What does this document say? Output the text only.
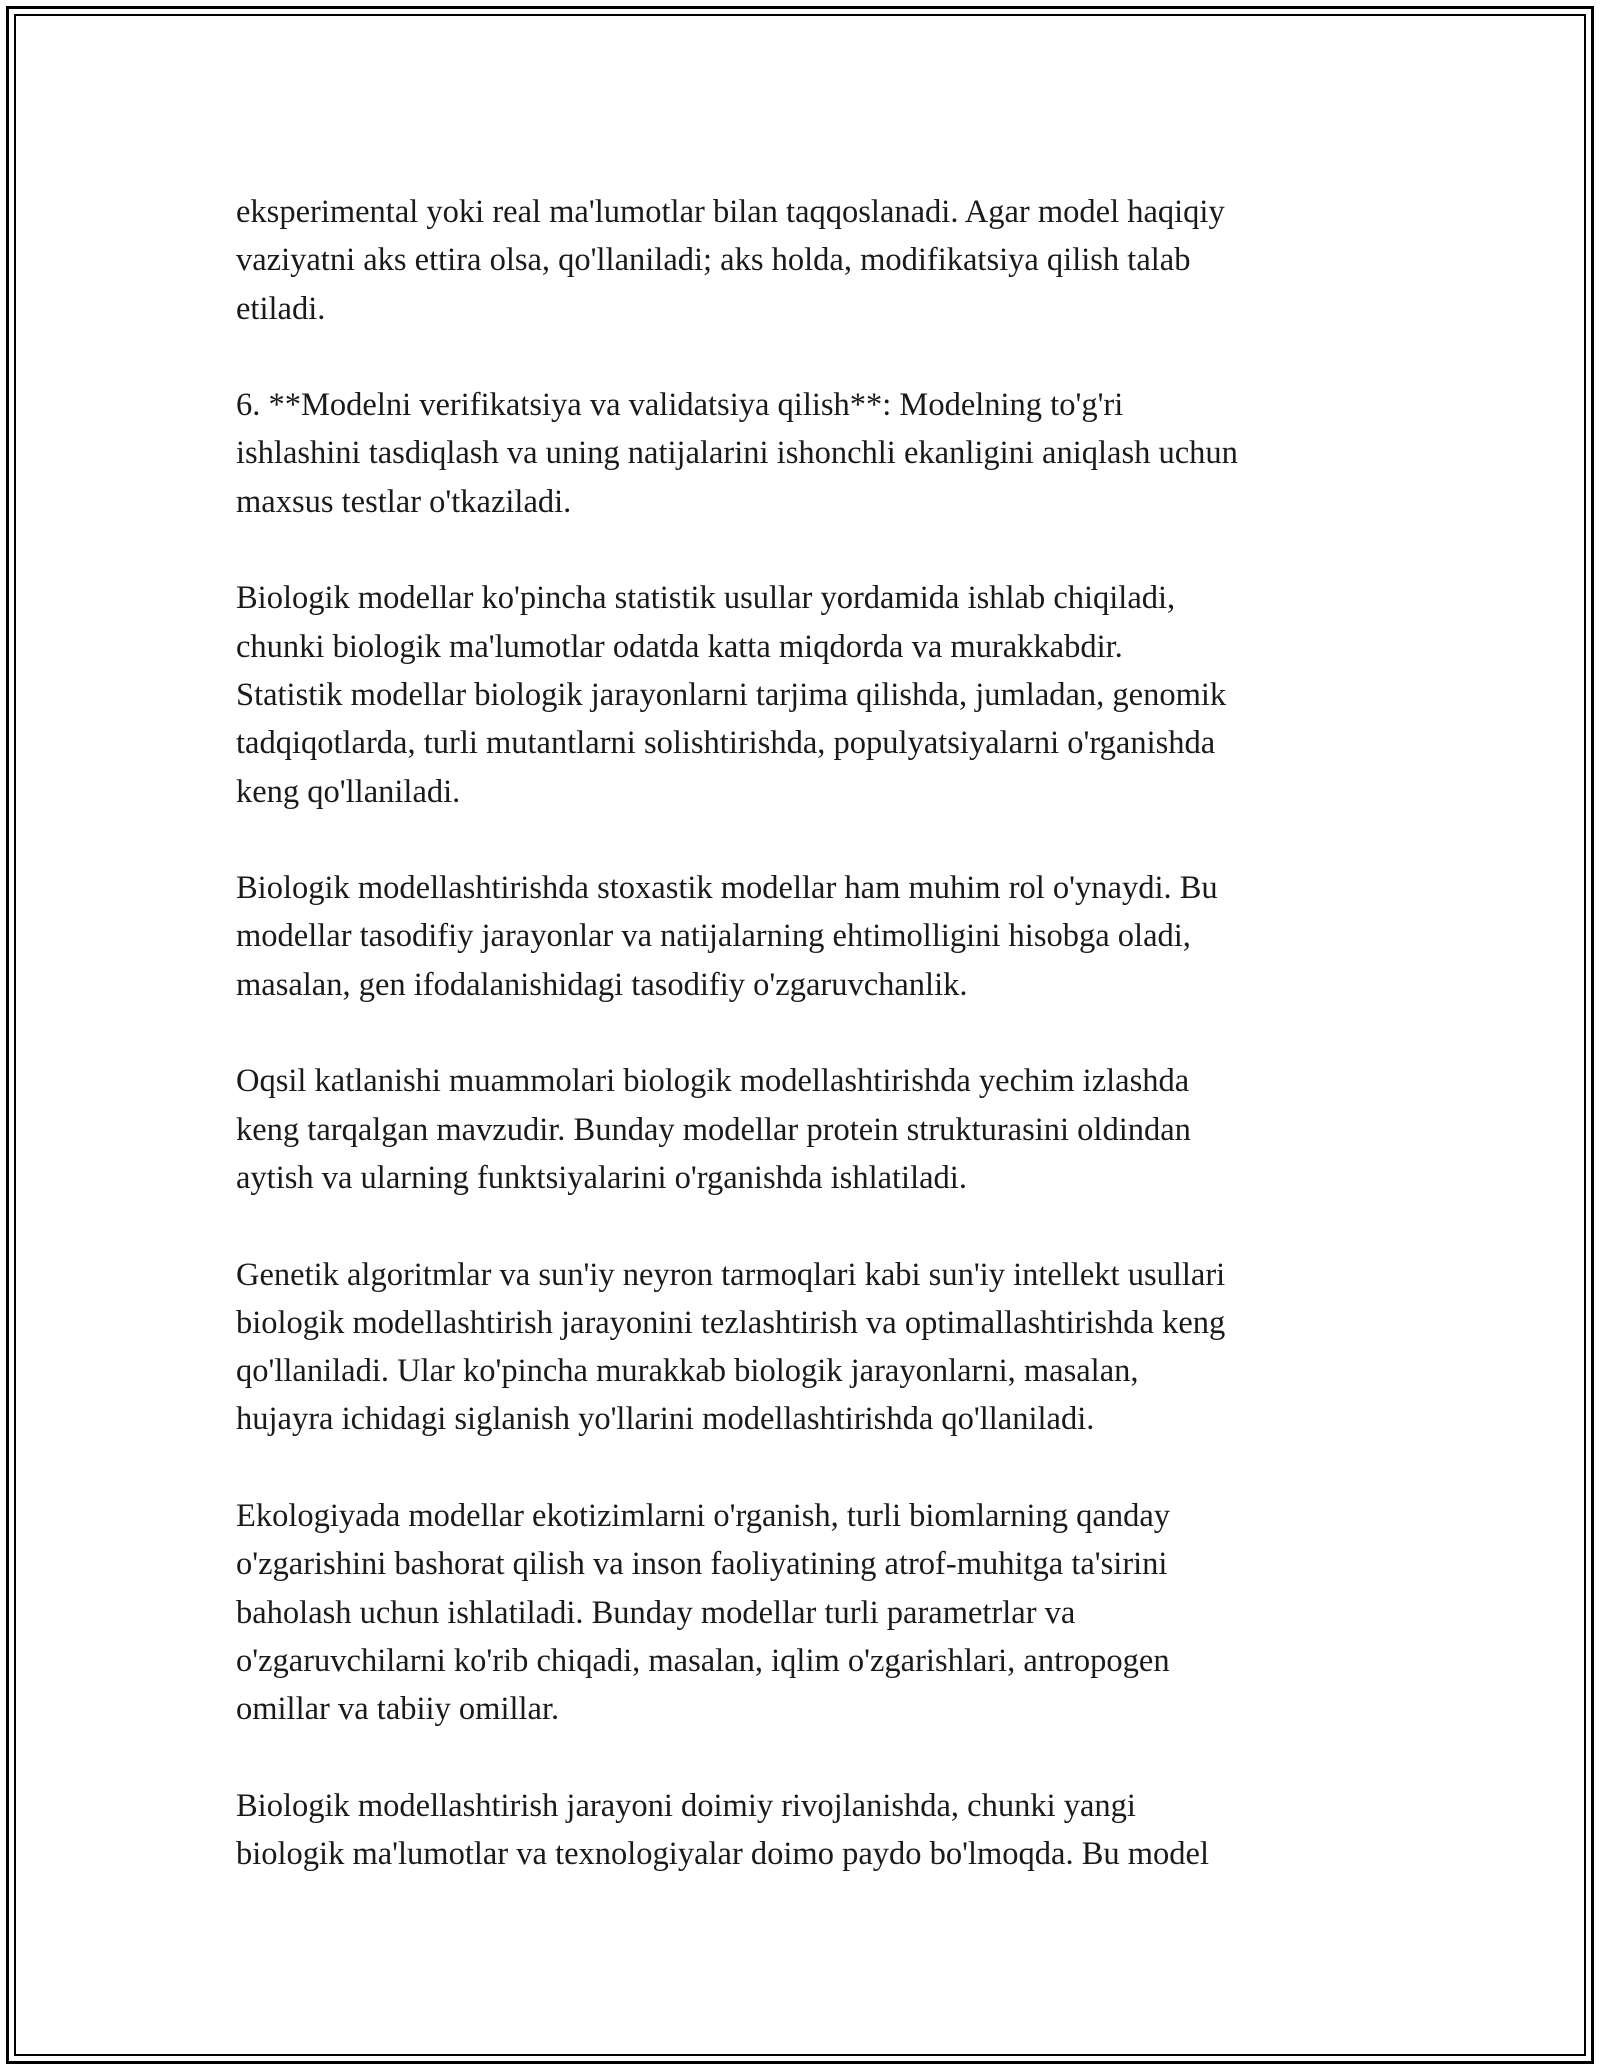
eksperimental yoki real ma'lumotlar bilan taqqoslanadi. Agar model haqiqiy
vaziyatni aks ettira olsa, qo'llaniladi; aks holda, modifikatsiya qilish talab
etiladi.

6. **Modelni verifikatsiya va validatsiya qilish**: Modelning to'g'ri
ishlashini tasdiqlash va uning natijalarini ishonchli ekanligini aniqlash uchun
maxsus testlar o'tkaziladi.

Biologik modellar ko'pincha statistik usullar yordamida ishlab chiqiladi,
chunki biologik ma'lumotlar odatda katta miqdorda va murakkabdir.
Statistik modellar biologik jarayonlarni tarjima qilishda, jumladan, genomik
tadqiqotlarda, turli mutantlarni solishtirishda, populyatsiyalarni o'rganishda
keng qo'llaniladi.

Biologik modellashtirishda stoxastik modellar ham muhim rol o'ynaydi. Bu
modellar tasodifiy jarayonlar va natijalarning ehtimolligini hisobga oladi,
masalan, gen ifodalanishidagi tasodifiy o'zgaruvchanlik.

Oqsil katlanishi muammolari biologik modellashtirishda yechim izlashda
keng tarqalgan mavzudir. Bunday modellar protein strukturasini oldindan
aytish va ularning funktsiyalarini o'rganishda ishlatiladi.

Genetik algoritmlar va sun'iy neyron tarmoqlari kabi sun'iy intellekt usullari
biologik modellashtirish jarayonini tezlashtirish va optimallashtirishda keng
qo'llaniladi. Ular ko'pincha murakkab biologik jarayonlarni, masalan,
hujayra ichidagi siglanish yo'llarini modellashtirishda qo'llaniladi.

Ekologiyada modellar ekotizimlarni o'rganish, turli biomlarning qanday
o'zgarishini bashorat qilish va inson faoliyatining atrof-muhitga ta'sirini
baholash uchun ishlatiladi. Bunday modellar turli parametrlar va
o'zgaruvchilarni ko'rib chiqadi, masalan, iqlim o'zgarishlari, antropogen
omillar va tabiiy omillar.

Biologik modellashtirish jarayoni doimiy rivojlanishda, chunki yangi
biologik ma'lumotlar va texnologiyalar doimo paydo bo'lmoqda. Bu model
